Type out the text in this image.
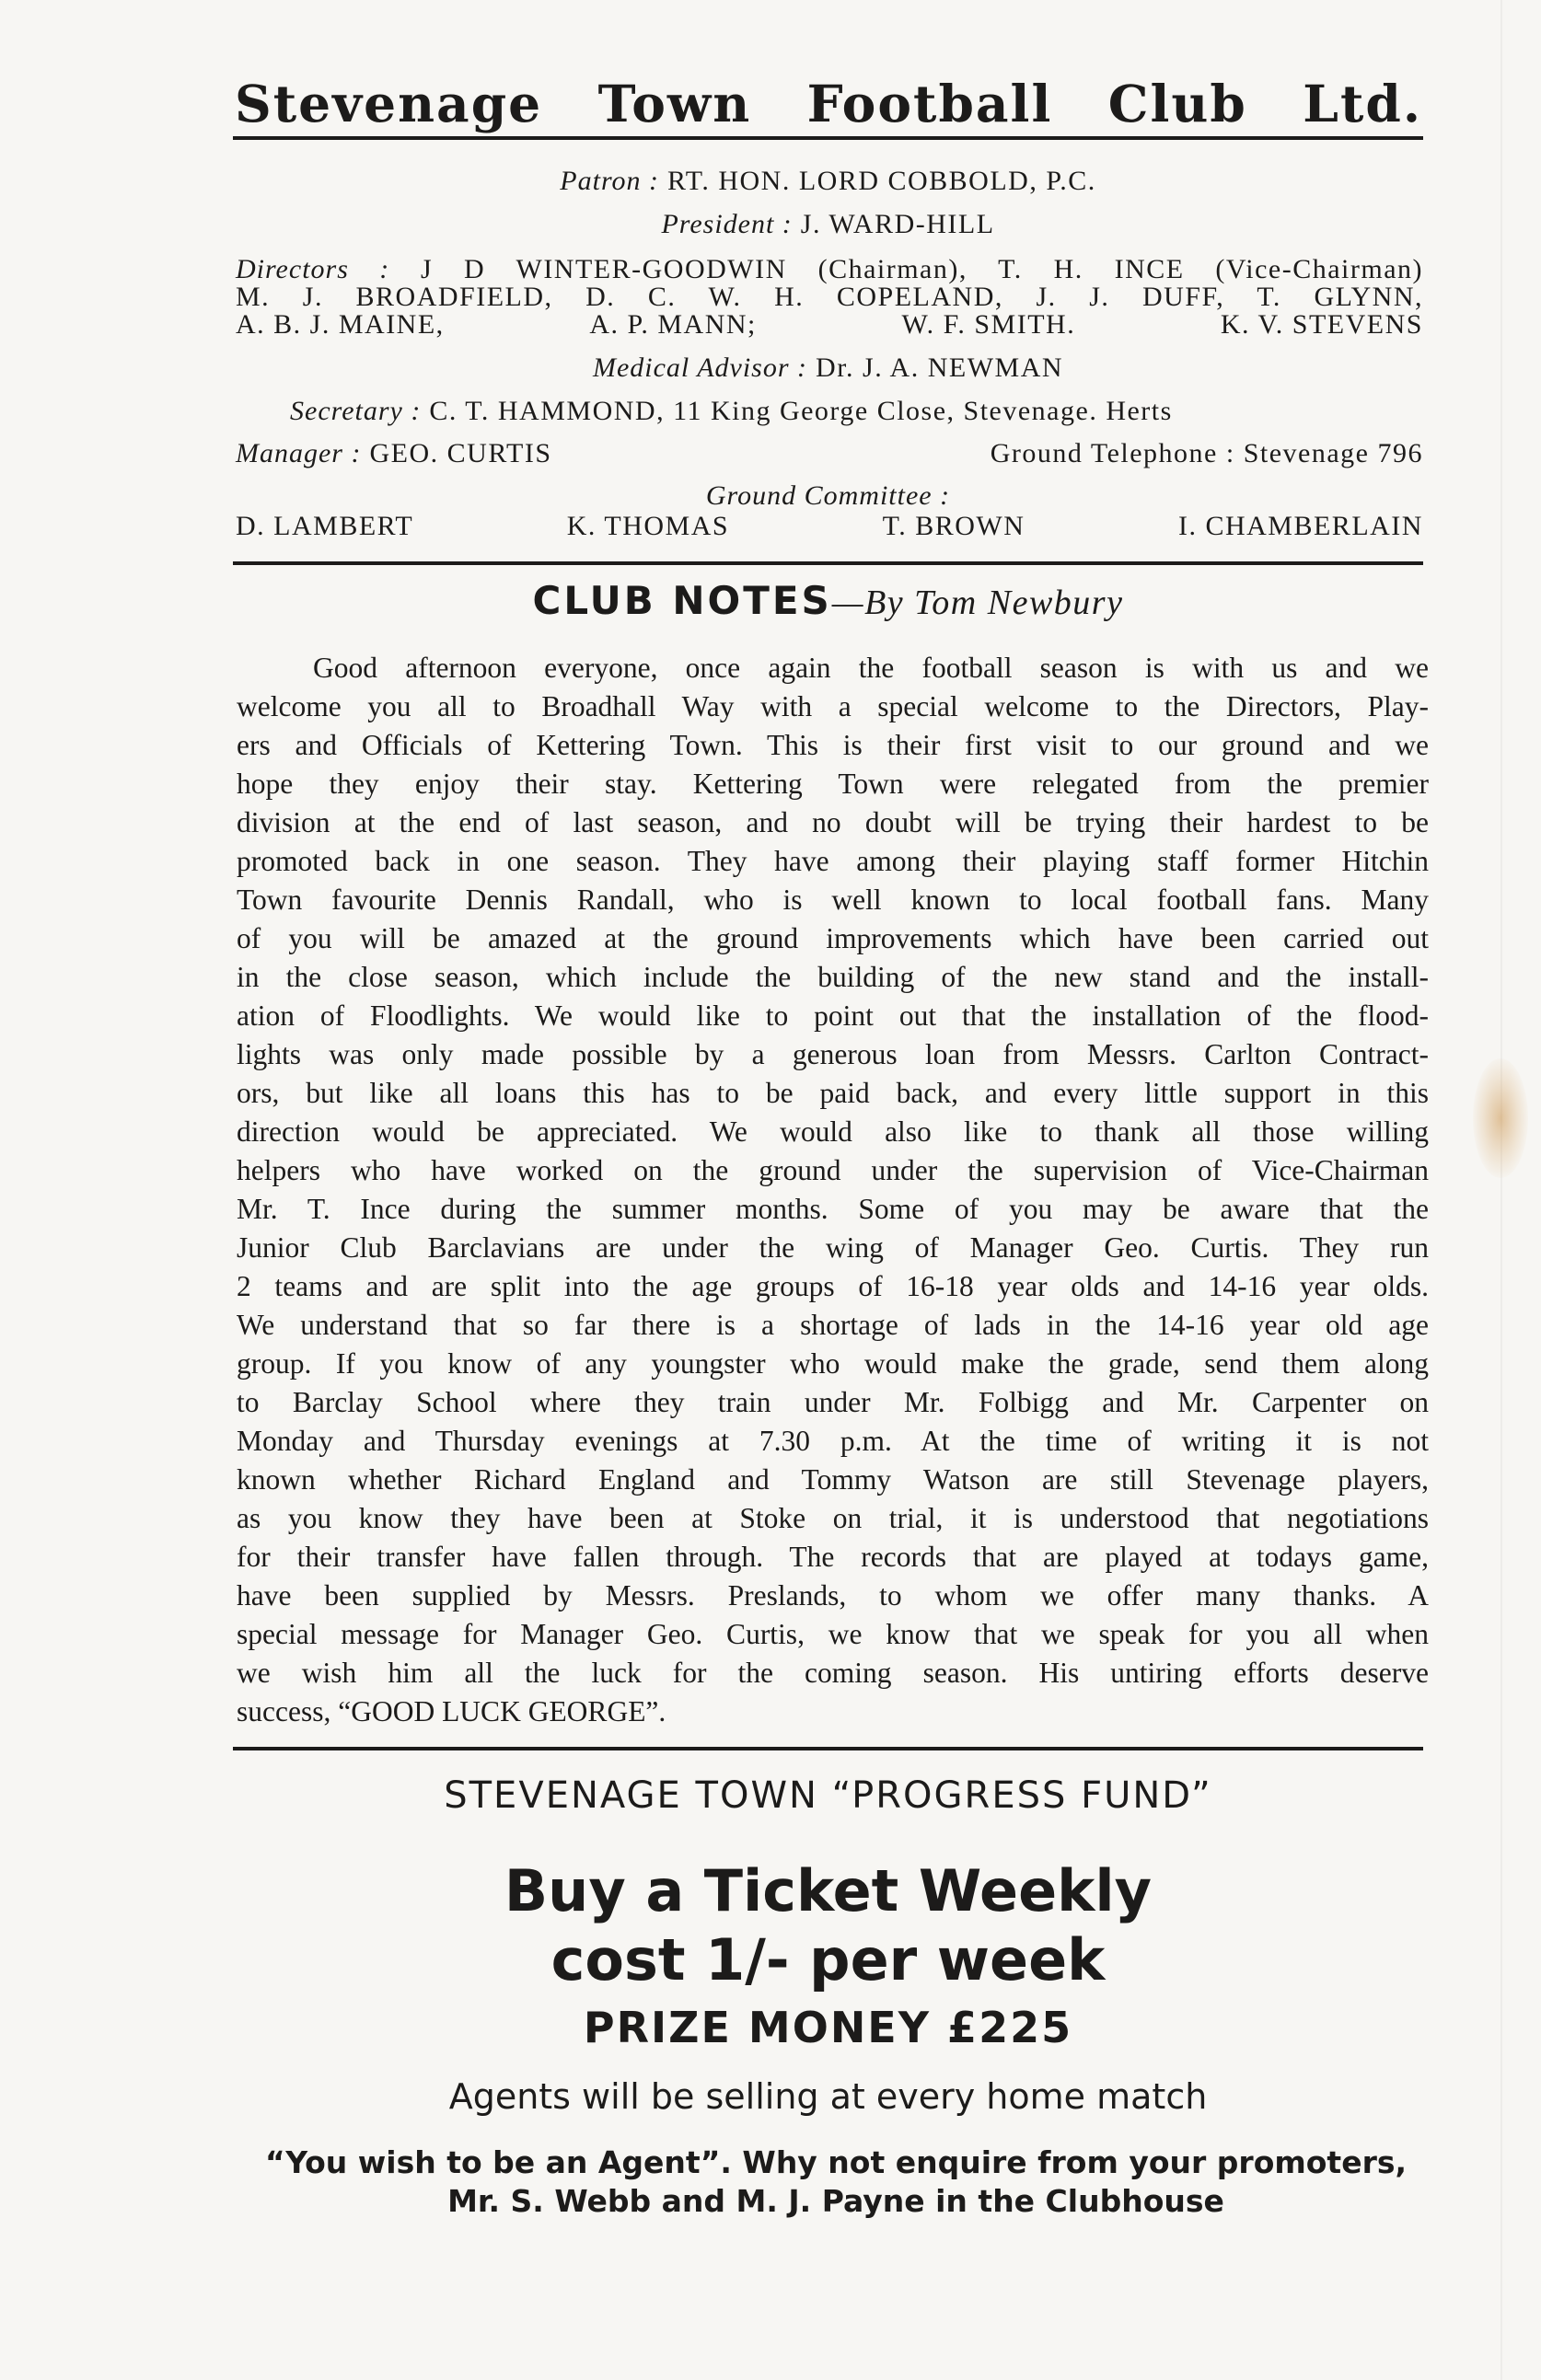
Stevenage Town Football Club Ltd.
Patron : RT. HON. LORD COBBOLD, P.C.
President : J. WARD-HILL
Directors : J D WINTER-GOODWIN (Chairman), T. H. INCE (Vice-Chairman)
M. J. BROADFIELD, D. C. W. H. COPELAND, J. J. DUFF, T. GLYNN,
A. B. J. MAINE,	A. P. MANN;	W. F. SMITH.	K. V. STEVENS
Medical Advisor : Dr. J. A. NEWMAN
Secretary : C. T. HAMMOND, 11 King George Close, Stevenage. Herts
Manager : GEO. CURTIS	Ground Telephone : Stevenage 796
Ground Committee :
D. LAMBERT	K. THOMAS	T. BROWN	I. CHAMBERLAIN
CLUB NOTES—By Tom Newbury
Good afternoon everyone, once again the football season is with us and we
welcome you all to Broadhall Way with a special welcome to the Directors, Play-
ers and Officials of Kettering Town. This is their first visit to our ground and we
hope they enjoy their stay. Kettering Town were relegated from the premier
division at the end of last season, and no doubt will be trying their hardest to be
promoted back in one season. They have among their playing staff former Hitchin
Town favourite Dennis Randall, who is well known to local football fans. Many
of you will be amazed at the ground improvements which have been carried out
in the close season, which include the building of the new stand and the install-
ation of Floodlights. We would like to point out that the installation of the flood-
lights was only made possible by a generous loan from Messrs. Carlton Contract-
ors, but like all loans this has to be paid back, and every little support in this
direction would be appreciated. We would also like to thank all those willing
helpers who have worked on the ground under the supervision of Vice-Chairman
Mr. T. Ince during the summer months. Some of you may be aware that the
Junior Club Barclavians are under the wing of Manager Geo. Curtis. They run
2 teams and are split into the age groups of 16-18 year olds and 14-16 year olds.
We understand that so far there is a shortage of lads in the 14-16 year old age
group. If you know of any youngster who would make the grade, send them along
to Barclay School where they train under Mr. Folbigg and Mr. Carpenter on
Monday and Thursday evenings at 7.30 p.m. At the time of writing it is not
known whether Richard England and Tommy Watson are still Stevenage players,
as you know they have been at Stoke on trial, it is understood that negotiations
for their transfer have fallen through. The records that are played at todays game,
have been supplied by Messrs. Preslands, to whom we offer many thanks. A
special message for Manager Geo. Curtis, we know that we speak for you all when
we wish him all the luck for the coming season. His untiring efforts deserve
success, “GOOD LUCK GEORGE”.
STEVENAGE TOWN “PROGRESS FUND”
Buy a Ticket Weekly
cost 1/- per week
PRIZE MONEY £225
Agents will be selling at every home match
“You wish to be an Agent”. Why not enquire from your promoters,
Mr. S. Webb and M. J. Payne in the Clubhouse
